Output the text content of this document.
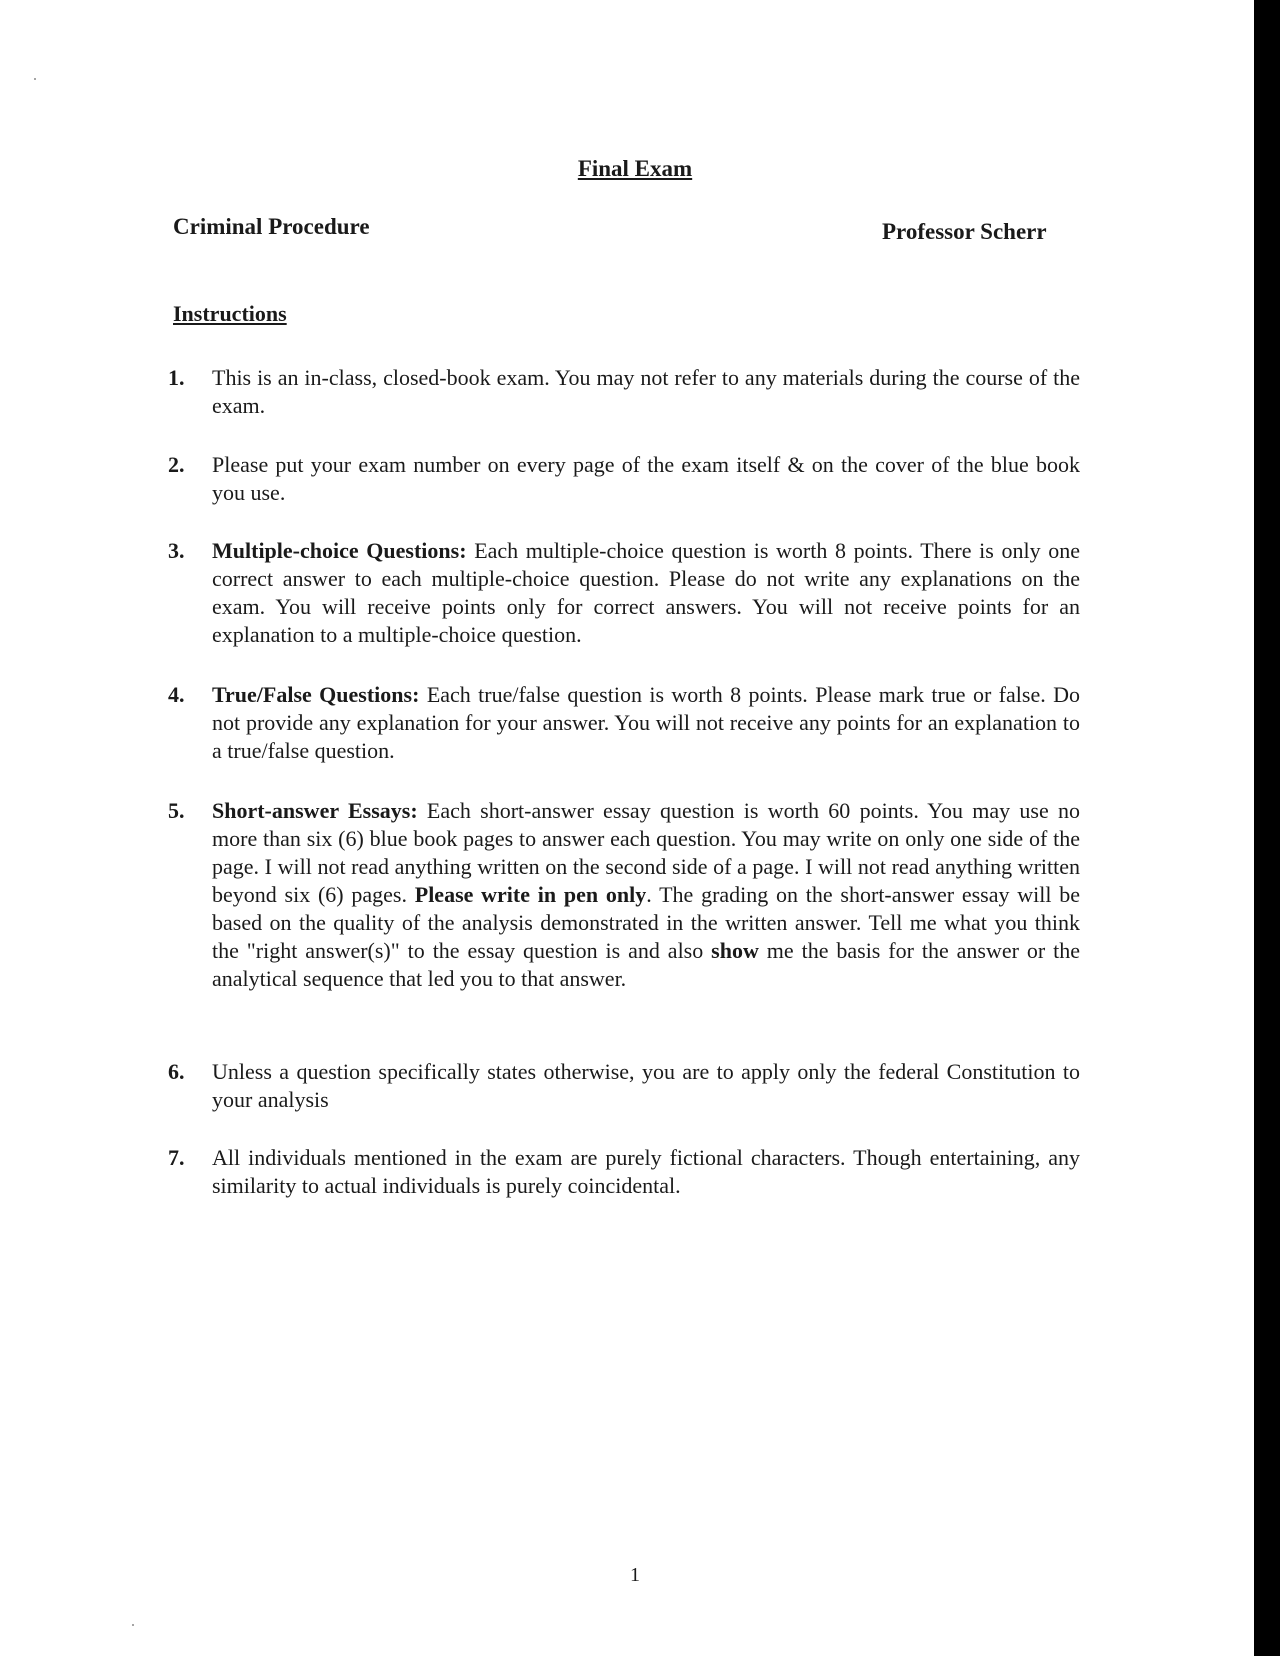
Final Exam

Criminal Procedure	Professor Scherr

Instructions
1.	This is an in-class, closed-book exam. You may not refer to any materials during the course of the exam.

2.	Please put your exam number on every page of the exam itself & on the cover of the blue book you use.

3.	Multiple-choice Questions: Each multiple-choice question is worth 8 points. There is only one correct answer to each multiple-choice question. Please do not write any explanations on the exam. You will receive points only for correct answers. You will not receive points for an explanation to a multiple-choice question.

4.	True/False Questions: Each true/false question is worth 8 points. Please mark true or false. Do not provide any explanation for your answer. You will not receive any points for an explanation to a true/false question.

5.	Short-answer Essays: Each short-answer essay question is worth 60 points. You may use no more than six (6) blue book pages to answer each question. You may write on only one side of the page. I will not read anything written on the second side of a page. I will not read anything written beyond six (6) pages. Please write in pen only. The grading on the short-answer essay will be based on the quality of the analysis demonstrated in the written answer. Tell me what you think the "right answer(s)" to the essay question is and also show me the basis for the answer or the analytical sequence that led you to that answer.

6.	Unless a question specifically states otherwise, you are to apply only the federal Constitution to your analysis

7.	All individuals mentioned in the exam are purely fictional characters. Though entertaining, any similarity to actual individuals is purely coincidental.

1
